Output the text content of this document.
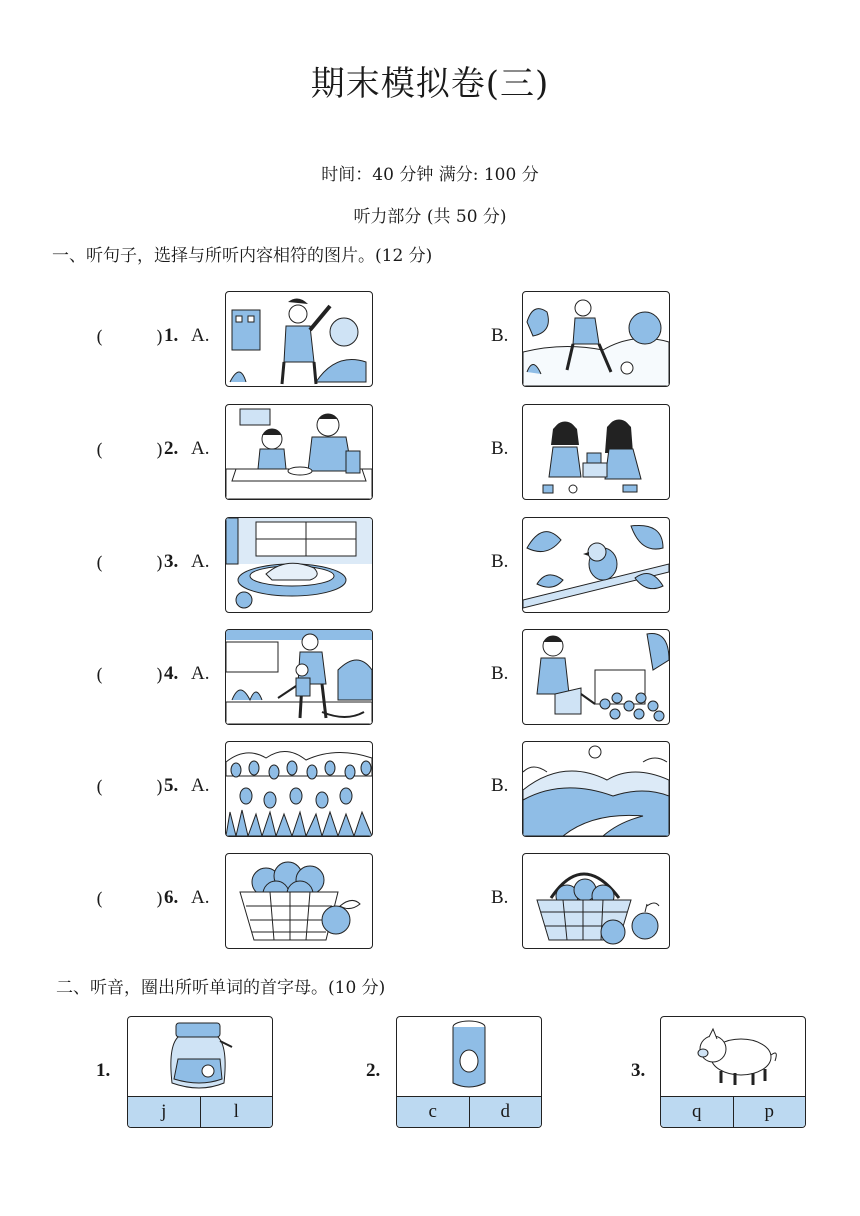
期末模拟卷(三)
时间：40 分钟 满分: 100 分
听力部分 (共 50 分)
一、听句子，选择与所听内容相符的图片。(12 分)
(	) 1. A.	B.
(	) 2. A.	B.
(	) 3. A.	B.
(	) 4. A.	B.
(	) 5. A.	B.
(	) 6. A.	B.
二、听音，圈出所听单词的首字母。(10 分)
1.
j	l
2.
c	d
3.
q	p
